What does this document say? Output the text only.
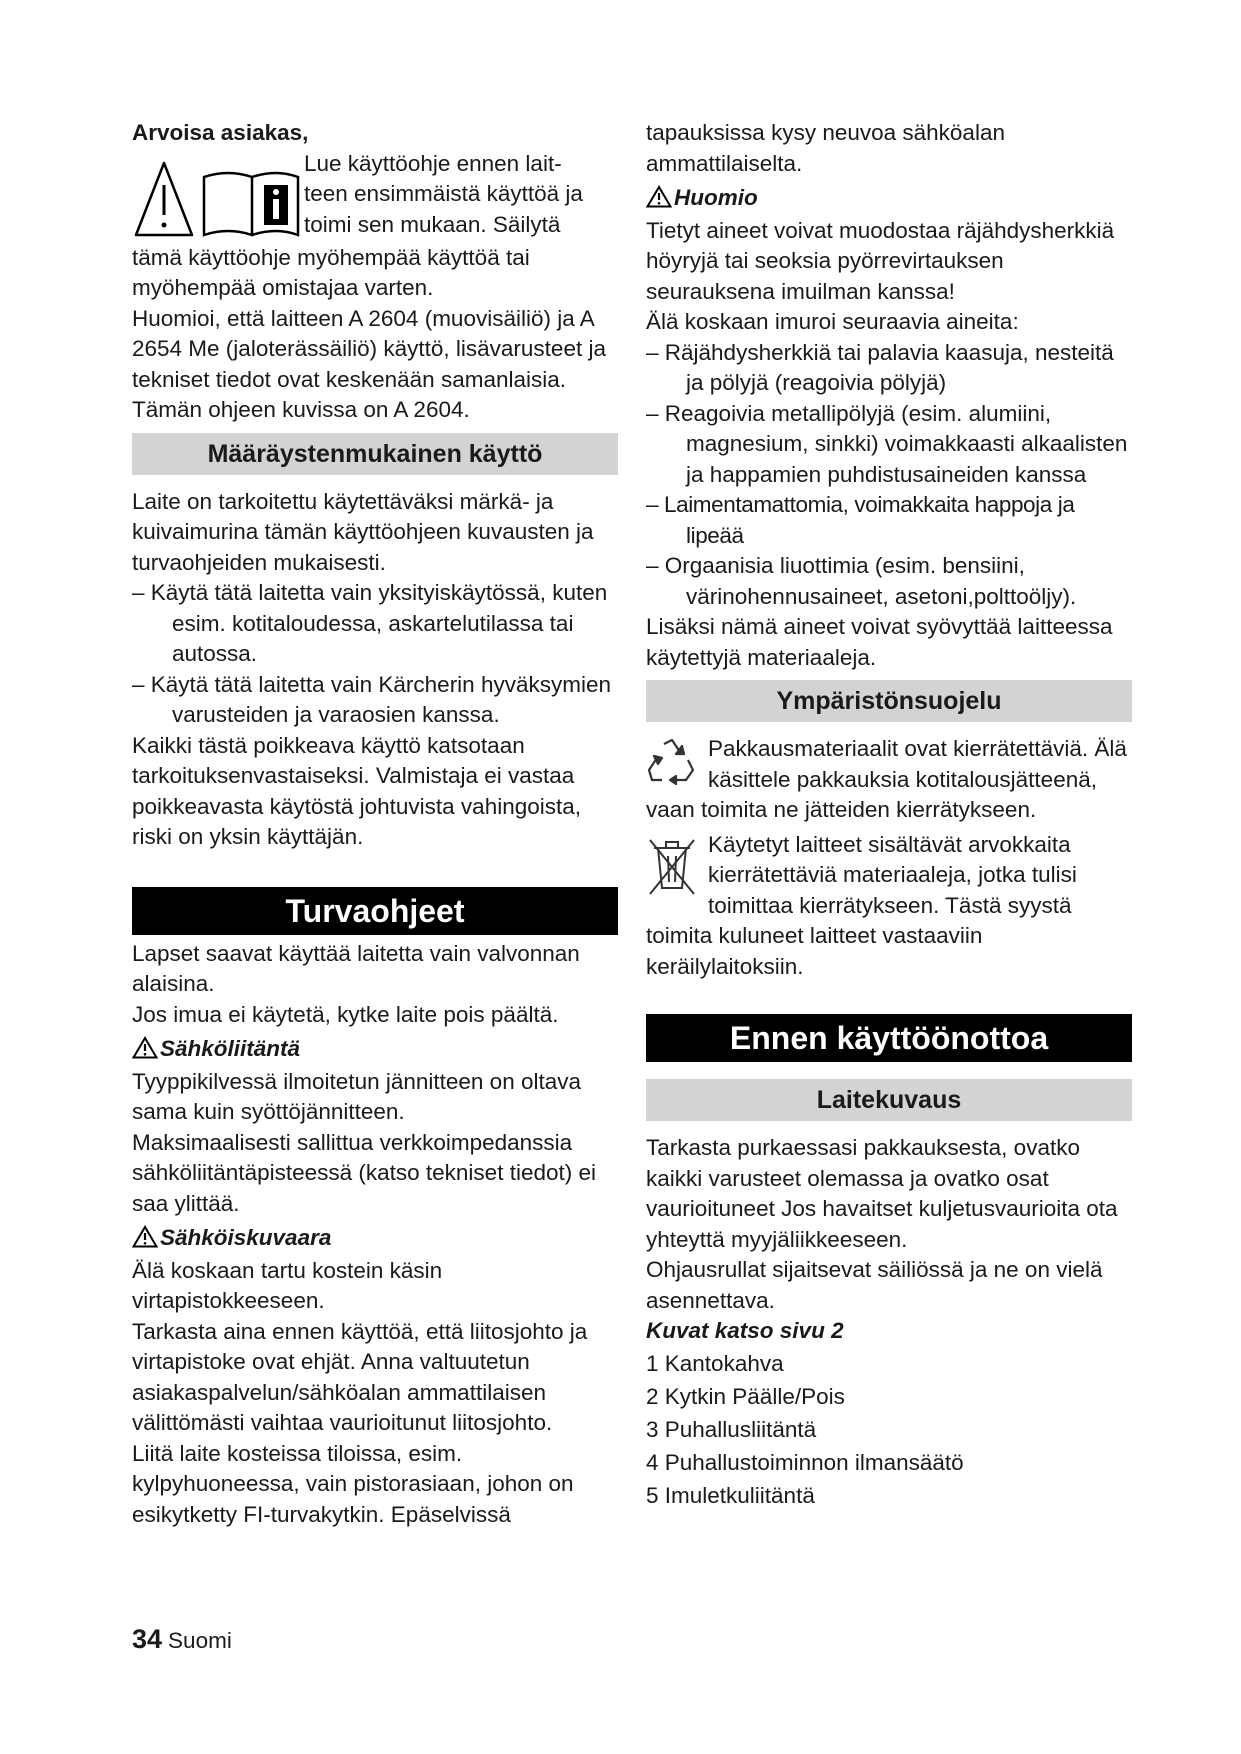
Arvoisa asiakas,

Lue käyttöohje ennen lait-

teen ensimmäistä käyttöä ja

toimi sen mukaan. Säilytä

tämä käyttöohje myöhempää käyttöä tai myöhempää omistajaa varten.

Huomioi, että laitteen A 2604 (muovisäiliö) ja A 2654 Me (jaloterässäiliö) käyttö, lisävarusteet ja tekniset tiedot ovat keskenään samanlaisia. Tämän ohjeen kuvissa on A 2604.

Määräystenmukainen käyttö

Laite on tarkoitettu käytettäväksi märkä- ja kuivaimurina tämän käyttöohjeen kuvausten ja turvaohjeiden mukaisesti.

– Käytä tätä laitetta vain yksityiskäytössä, kuten esim. kotitaloudessa, askartelutilassa tai autossa.

– Käytä tätä laitetta vain Kärcherin hyväksymien varusteiden ja varaosien kanssa.

Kaikki tästä poikkeava käyttö katsotaan tarkoituksenvastaiseksi. Valmistaja ei vastaa poikkeavasta käytöstä johtuvista vahingoista, riski on yksin käyttäjän.

Turvaohjeet

Lapset saavat käyttää laitetta vain valvonnan alaisina.

Jos imua ei käytetä, kytke laite pois päältä.

Sähköliitäntä

Tyyppikilvessä ilmoitetun jännitteen on oltava sama kuin syöttöjännitteen.

Maksimaalisesti sallittua verkkoimpedanssia sähköliitäntäpisteessä (katso tekniset tiedot) ei saa ylittää.

Sähköiskuvaara

Älä koskaan tartu kostein käsin virtapistokkeeseen.

Tarkasta aina ennen käyttöä, että liitosjohto ja virtapistoke ovat ehjät. Anna valtuutetun asiakaspalvelun/sähköalan ammattilaisen välittömästi vaihtaa vaurioitunut liitosjohto.

Liitä laite kosteissa tiloissa, esim. kylpyhuoneessa, vain pistorasiaan, johon on esikytketty FI-turvakytkin. Epäselvissä

tapauksissa kysy neuvoa sähköalan ammattilaiselta.

Huomio

Tietyt aineet voivat muodostaa räjähdysherkkiä höyryjä tai seoksia pyörrevirtauksen seurauksena imuilman kanssa!

Älä koskaan imuroi seuraavia aineita:

– Räjähdysherkkiä tai palavia kaasuja, nesteitä ja pölyjä (reagoivia pölyjä)

– Reagoivia metallipölyjä (esim. alumiini, magnesium, sinkki) voimakkaasti alkaalisten ja happamien puhdistusaineiden kanssa

– Laimentamattomia, voimakkaita happoja ja lipeää

– Orgaanisia liuottimia (esim. bensiini, värinohennusaineet, asetoni,polttoöljy).

Lisäksi nämä aineet voivat syövyttää laitteessa käytettyjä materiaaleja.

Ympäristönsuojelu

Pakkausmateriaalit ovat kierrätettäviä. Älä käsittele pakkauksia kotitalousjätteenä, vaan toimita ne jätteiden kierrätykseen.

Käytetyt laitteet sisältävät arvokkaita kierrätettäviä materiaaleja, jotka tulisi toimittaa kierrätykseen. Tästä syystä toimita kuluneet laitteet vastaaviin keräilylaitoksiin.

Ennen käyttöönottoa
Laitekuvaus

Tarkasta purkaessasi pakkauksesta, ovatko kaikki varusteet olemassa ja ovatko osat vaurioituneet Jos havaitset kuljetusvaurioita ota yhteyttä myyjäliikkeeseen.

Ohjausrullat sijaitsevat säiliössä ja ne on vielä asennettava.

Kuvat katso sivu 2

1 Kantokahva

2 Kytkin Päälle/Pois

3 Puhallusliitäntä

4 Puhallustoiminnon ilmansäätö

5 Imuletkuliitäntä

34 Suomi
